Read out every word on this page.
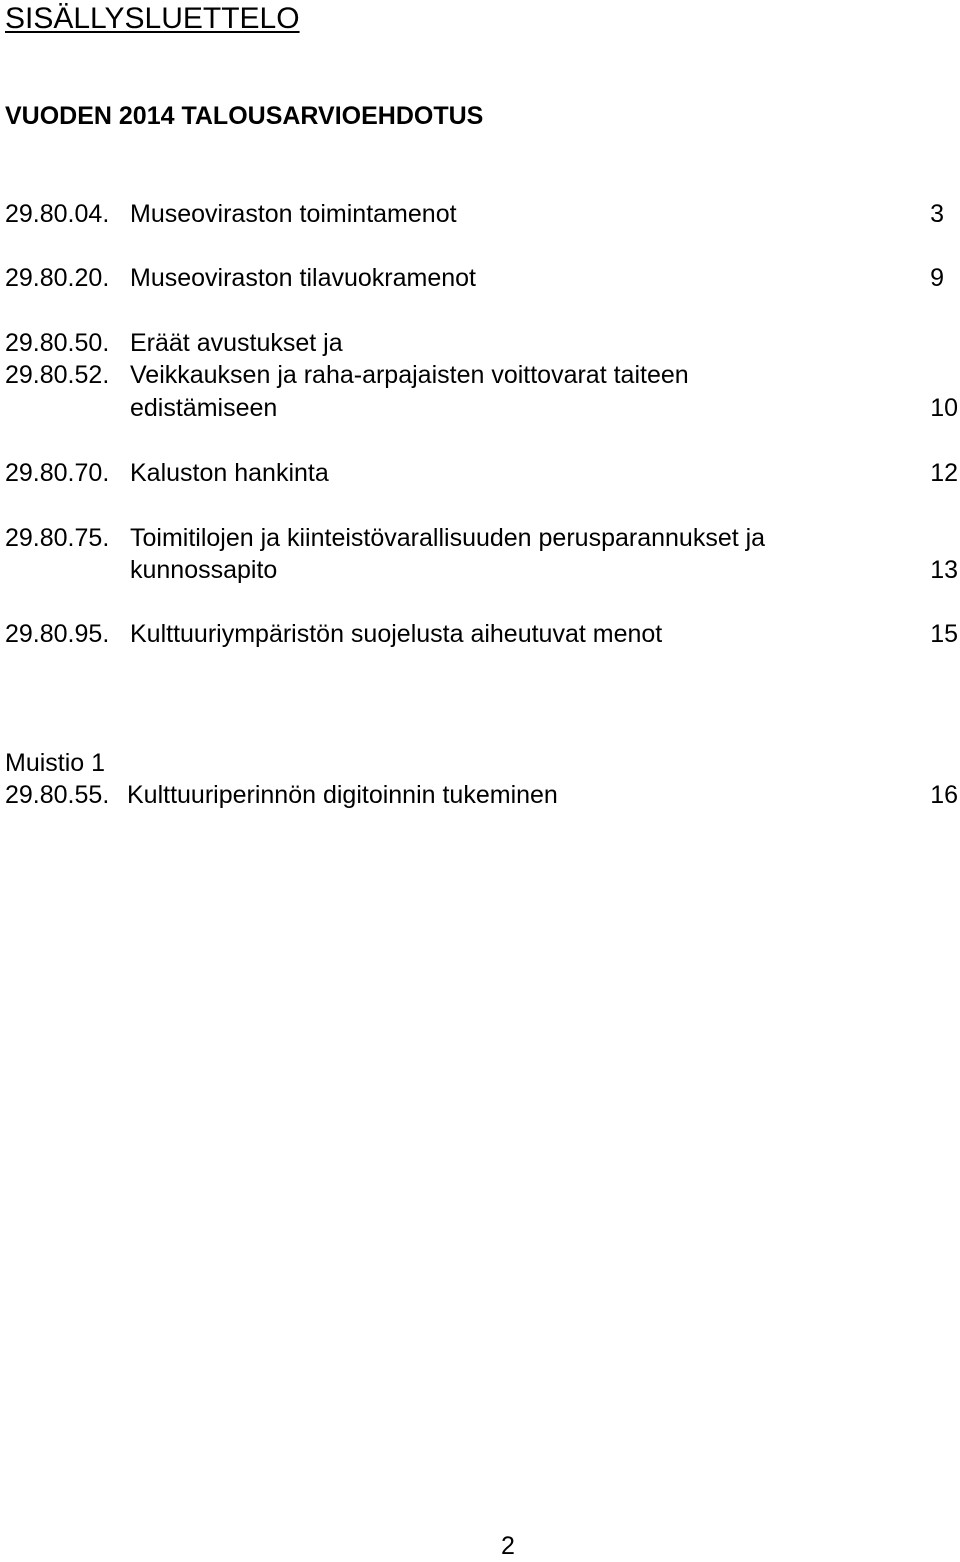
SISÄLLYSLUETTELO
VUODEN 2014 TALOUSARVIOEHDOTUS
29.80.04. Museoviraston toimintamenot	3
29.80.20. Museoviraston tilavuokramenot	9
29.80.50. Eräät avustukset ja
29.80.52. Veikkauksen ja raha-arpajaisten voittovarat taiteen
edistämiseen	10
29.80.70. Kaluston hankinta	12
29.80.75. Toimitilojen ja kiinteistövarallisuuden perusparannukset ja
kunnossapito	13
29.80.95. Kulttuuriympäristön suojelusta aiheutuvat menot	15
Muistio 1
29.80.55. Kulttuuriperinnön digitoinnin tukeminen	16
2
